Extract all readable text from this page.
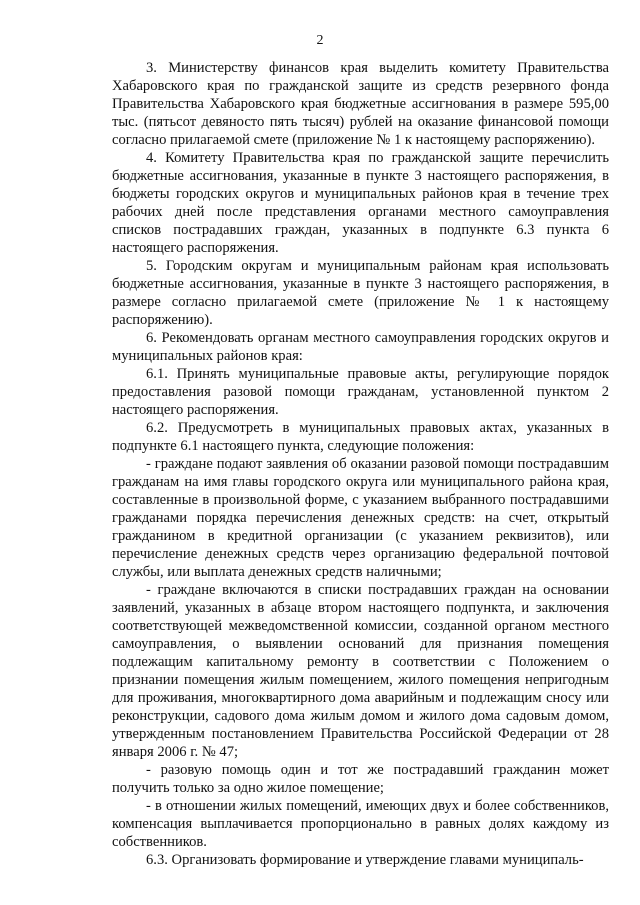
2

3. Министерству финансов края выделить комитету Правительства Хабаровского края по гражданской защите из средств резервного фонда Правительства Хабаровского края бюджетные ассигнования в размере 595,00 тыс. (пятьсот девяносто пять тысяч) рублей на оказание финансовой помощи согласно прилагаемой смете (приложение № 1 к настоящему распоряжению).

4. Комитету Правительства края по гражданской защите перечислить бюджетные ассигнования, указанные в пункте 3 настоящего распоряжения, в бюджеты городских округов и муниципальных районов края в течение трех рабочих дней после представления органами местного самоуправления списков пострадавших граждан, указанных в подпункте 6.3 пункта 6 настоящего распоряжения.

5. Городским округам и муниципальным районам края использовать бюджетные ассигнования, указанные в пункте 3 настоящего распоряжения, в размере согласно прилагаемой смете (приложение № 1 к настоящему распоряжению).

6. Рекомендовать органам местного самоуправления городских округов и муниципальных районов края:

6.1. Принять муниципальные правовые акты, регулирующие порядок предоставления разовой помощи гражданам, установленной пунктом 2 настоящего распоряжения.

6.2. Предусмотреть в муниципальных правовых актах, указанных в подпункте 6.1 настоящего пункта, следующие положения:

- граждане подают заявления об оказании разовой помощи пострадавшим гражданам на имя главы городского округа или муниципального района края, составленные в произвольной форме, с указанием выбранного пострадавшими гражданами порядка перечисления денежных средств: на счет, открытый гражданином в кредитной организации (с указанием реквизитов), или перечисление денежных средств через организацию федеральной почтовой службы, или выплата денежных средств наличными;

- граждане включаются в списки пострадавших граждан на основании заявлений, указанных в абзаце втором настоящего подпункта, и заключения соответствующей межведомственной комиссии, созданной органом местного самоуправления, о выявлении оснований для признания помещения подлежащим капитальному ремонту в соответствии с Положением о признании помещения жилым помещением, жилого помещения непригодным для проживания, многоквартирного дома аварийным и подлежащим сносу или реконструкции, садового дома жилым домом и жилого дома садовым домом, утвержденным постановлением Правительства Российской Федерации от 28 января 2006 г. № 47;

- разовую помощь один и тот же пострадавший гражданин может получить только за одно жилое помещение;

- в отношении жилых помещений, имеющих двух и более собственников, компенсация выплачивается пропорционально в равных долях каждому из собственников.

6.3. Организовать формирование и утверждение главами муниципаль-
